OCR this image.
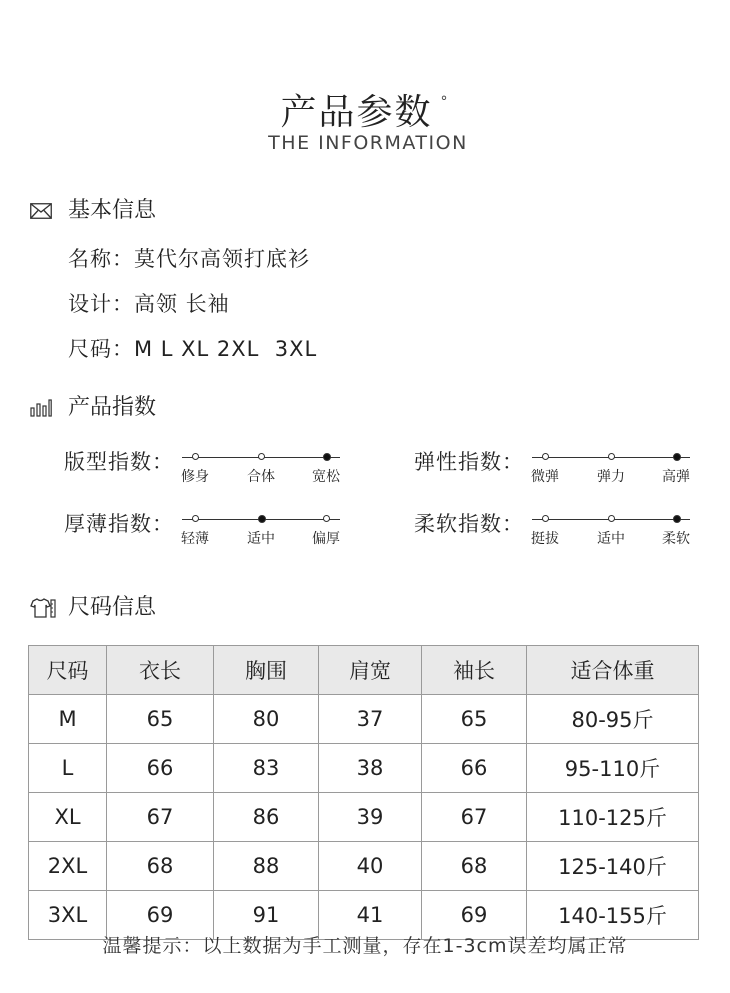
产品参数 °
THE INFORMATION
基本信息
名称：莫代尔高领打底衫
设计：高领 长袖
尺码：M L XL 2XL  3XL
产品指数
版型指数：
修身	合体	宽松
弹性指数：
微弹	弹力	高弹
厚薄指数：
轻薄	适中	偏厚
柔软指数：
挺拔	适中	柔软
尺码信息
尺码	衣长	胸围	肩宽	袖长	适合体重
M	65	80	37	65	80-95斤
L	66	83	38	66	95-110斤
XL	67	86	39	67	110-125斤
2XL	68	88	40	68	125-140斤
3XL	69	91	41	69	140-155斤
温馨提示：以上数据为手工测量，存在1-3cm误差均属正常
